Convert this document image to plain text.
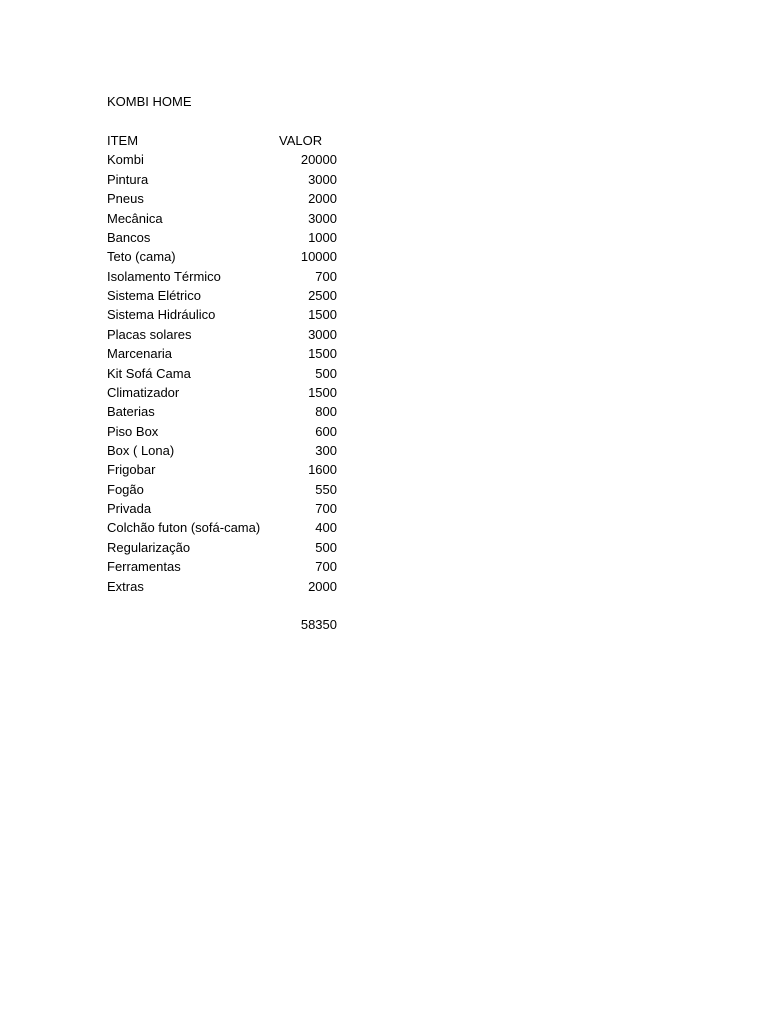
KOMBI HOME
ITEM	VALOR
Kombi	20000
Pintura	3000
Pneus	2000
Mecânica	3000
Bancos	1000
Teto (cama)	10000
Isolamento Térmico	700
Sistema Elétrico	2500
Sistema Hidráulico	1500
Placas solares	3000
Marcenaria	1500
Kit Sofá Cama	500
Climatizador	1500
Baterias	800
Piso Box	600
Box ( Lona)	300
Frigobar	1600
Fogão	550
Privada	700
Colchão futon (sofá-cama)	400
Regularização	500
Ferramentas	700
Extras	2000
58350
